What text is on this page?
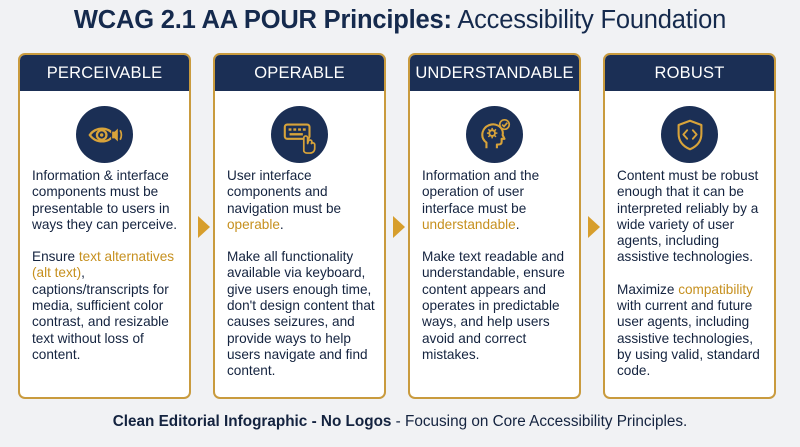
WCAG 2.1 AA POUR Principles: Accessibility Foundation
PERCEIVABLE

Information & interface components must be presentable to users in ways they can perceive.

Ensure text alternatives (alt text), captions/transcripts for media, sufficient color contrast, and resizable text without loss of content.

OPERABLE

User interface components and navigation must be operable.

Make all functionality available via keyboard, give users enough time, don't design content that causes seizures, and provide ways to help users navigate and find content.

UNDERSTANDABLE

Information and the operation of user interface must be understandable.

Make text readable and understandable, ensure content appears and operates in predictable ways, and help users avoid and correct mistakes.

ROBUST

Content must be robust enough that it can be interpreted reliably by a wide variety of user agents, including assistive technologies.

Maximize compatibility with current and future user agents, including assistive technologies, by using valid, standard code.

Clean Editorial Infographic - No Logos - Focusing on Core Accessibility Principles.
